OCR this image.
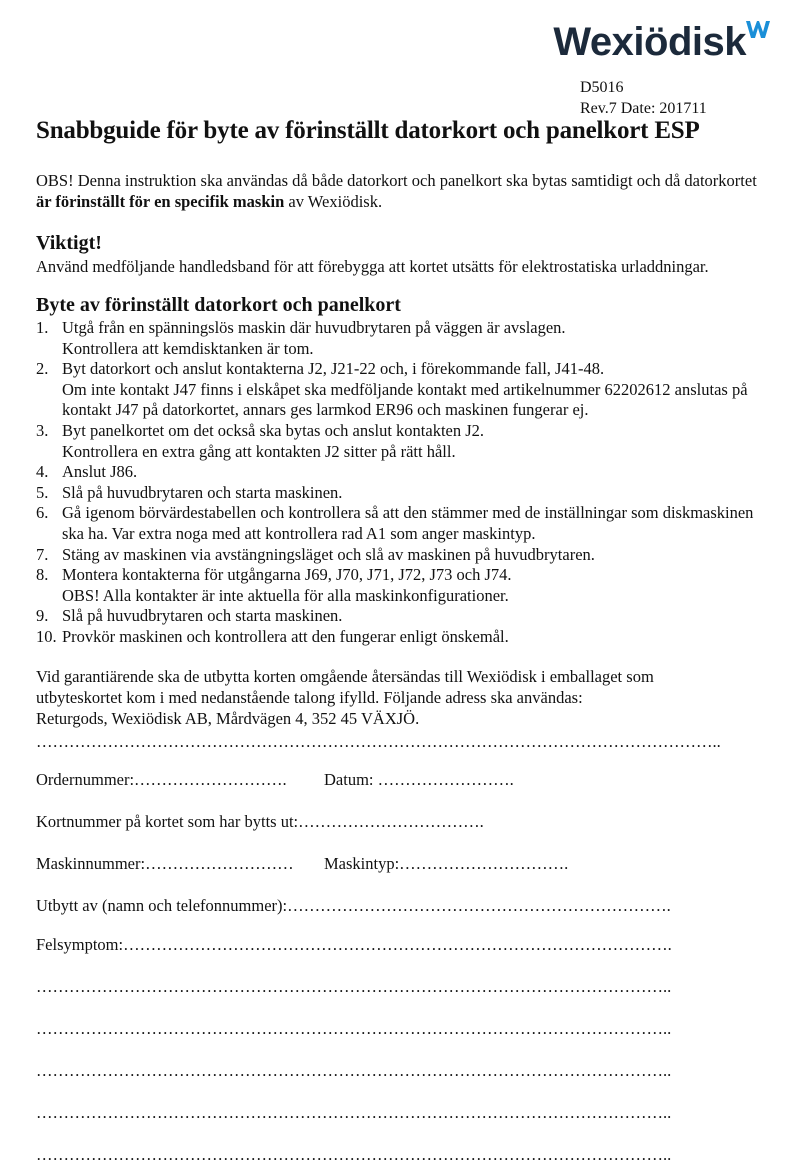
Wexiödisk
D5016
Rev.7 Date: 201711
Snabbguide för byte av förinställt datorkort och panelkort ESP

OBS! Denna instruktion ska användas då både datorkort och panelkort ska bytas samtidigt och då datorkortet är förinställt för en specifik maskin av Wexiödisk.

Viktigt!

Använd medföljande handledsband för att förebygga att kortet utsätts för elektrostatiska urladdningar.

Byte av förinställt datorkort och panelkort
1. Utgå från en spänningslös maskin där huvudbrytaren på väggen är avslagen.
Kontrollera att kemdisktanken är tom.
2. Byt datorkort och anslut kontakterna J2, J21-22 och, i förekommande fall, J41-48.
Om inte kontakt J47 finns i elskåpet ska medföljande kontakt med artikelnummer 62202612 anslutas på kontakt J47 på datorkortet, annars ges larmkod ER96 och maskinen fungerar ej.
3. Byt panelkortet om det också ska bytas och anslut kontakten J2.
Kontrollera en extra gång att kontakten J2 sitter på rätt håll.
4. Anslut J86.
5. Slå på huvudbrytaren och starta maskinen.
6. Gå igenom börvärdestabellen och kontrollera så att den stämmer med de inställningar som diskmaskinen ska ha. Var extra noga med att kontrollera rad A1 som anger maskintyp.
7. Stäng av maskinen via avstängningsläget och slå av maskinen på huvudbrytaren.
8. Montera kontakterna för utgångarna J69, J70, J71, J72, J73 och J74.
OBS! Alla kontakter är inte aktuella för alla maskinkonfigurationer.
9. Slå på huvudbrytaren och starta maskinen.
10. Provkör maskinen och kontrollera att den fungerar enligt önskemål.
Vid garantiärende ska de utbytta korten omgående återsändas till Wexiödisk i emballaget som
utbyteskortet kom i med nedanstående talong ifylld. Följande adress ska användas:
Returgods, Wexiödisk AB, Mårdvägen 4, 352 45 VÄXJÖ.
……………………………………………………………………………………………………………..
Ordernummer:………………………. Datum: …………………….
Kortnummer på kortet som har bytts ut:…………………………….
Maskinnummer:……………………… Maskintyp:………………………….
Utbytt av (namn och telefonnummer):…………………………………………………………….
Felsymptom:……………………………………………………………………………………….
……………………………………………………………………………………………………..
……………………………………………………………………………………………………..
……………………………………………………………………………………………………..
……………………………………………………………………………………………………..
……………………………………………………………………………………………………..
